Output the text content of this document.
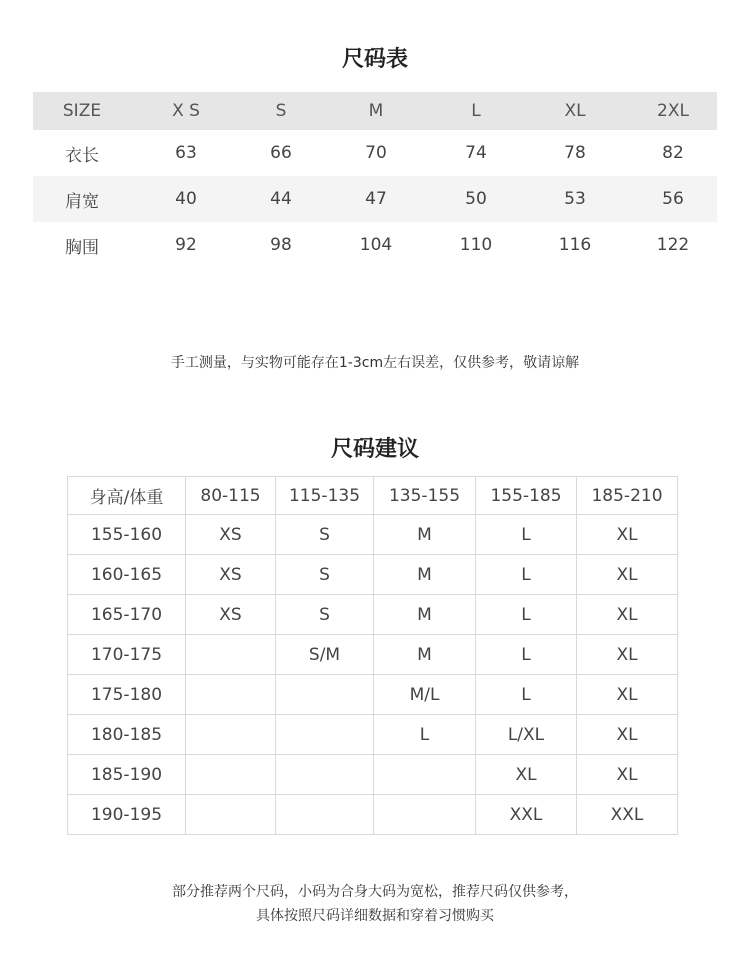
尺码表
SIZE	X S	S	M	L	XL	2XL
衣长	63	66	70	74	78	82
肩宽	40	44	47	50	53	56
胸围	92	98	104	110	116	122
手工测量，与实物可能存在1-3cm左右误差，仅供参考，敬请谅解
尺码建议
身高/体重	80-115	115-135	135-155	155-185	185-210
155-160	XS	S	M	L	XL
160-165	XS	S	M	L	XL
165-170	XS	S	M	L	XL
170-175		S/M	M	L	XL
175-180			M/L	L	XL
180-185			L	L/XL	XL
185-190				XL	XL
190-195				XXL	XXL
部分推荐两个尺码，小码为合身大码为宽松，推荐尺码仅供参考，
具体按照尺码详细数据和穿着习惯购买
